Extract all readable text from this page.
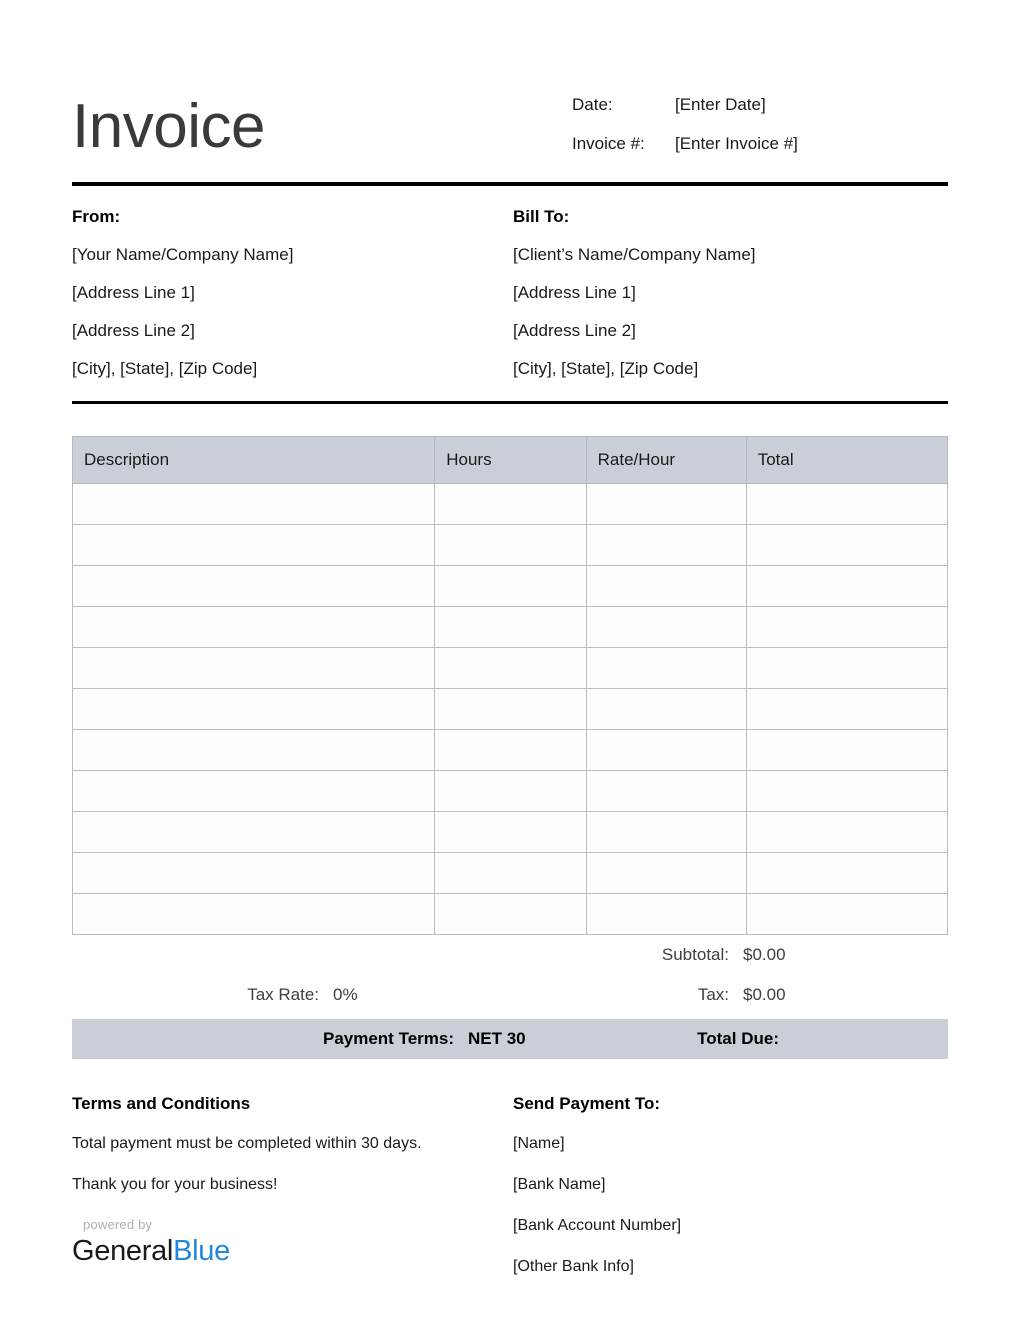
Invoice	Date:	[Enter Date]
Invoice #:	[Enter Invoice #]
From:
[Your Name/Company Name]
[Address Line 1]
[Address Line 2]
[City], [State], [Zip Code]
Bill To:
[Client’s Name/Company Name]
[Address Line 1]
[Address Line 2]
[City], [State], [Zip Code]
Description	Hours	Rate/Hour	Total

Subtotal: $0.00
Tax Rate: 0%	Tax: $0.00
Payment Terms: NET 30	Total Due:
Terms and Conditions
Total payment must be completed within 30 days.
Thank you for your business!
powered by
GeneralBlue
Send Payment To:
[Name]
[Bank Name]
[Bank Account Number]
[Other Bank Info]
